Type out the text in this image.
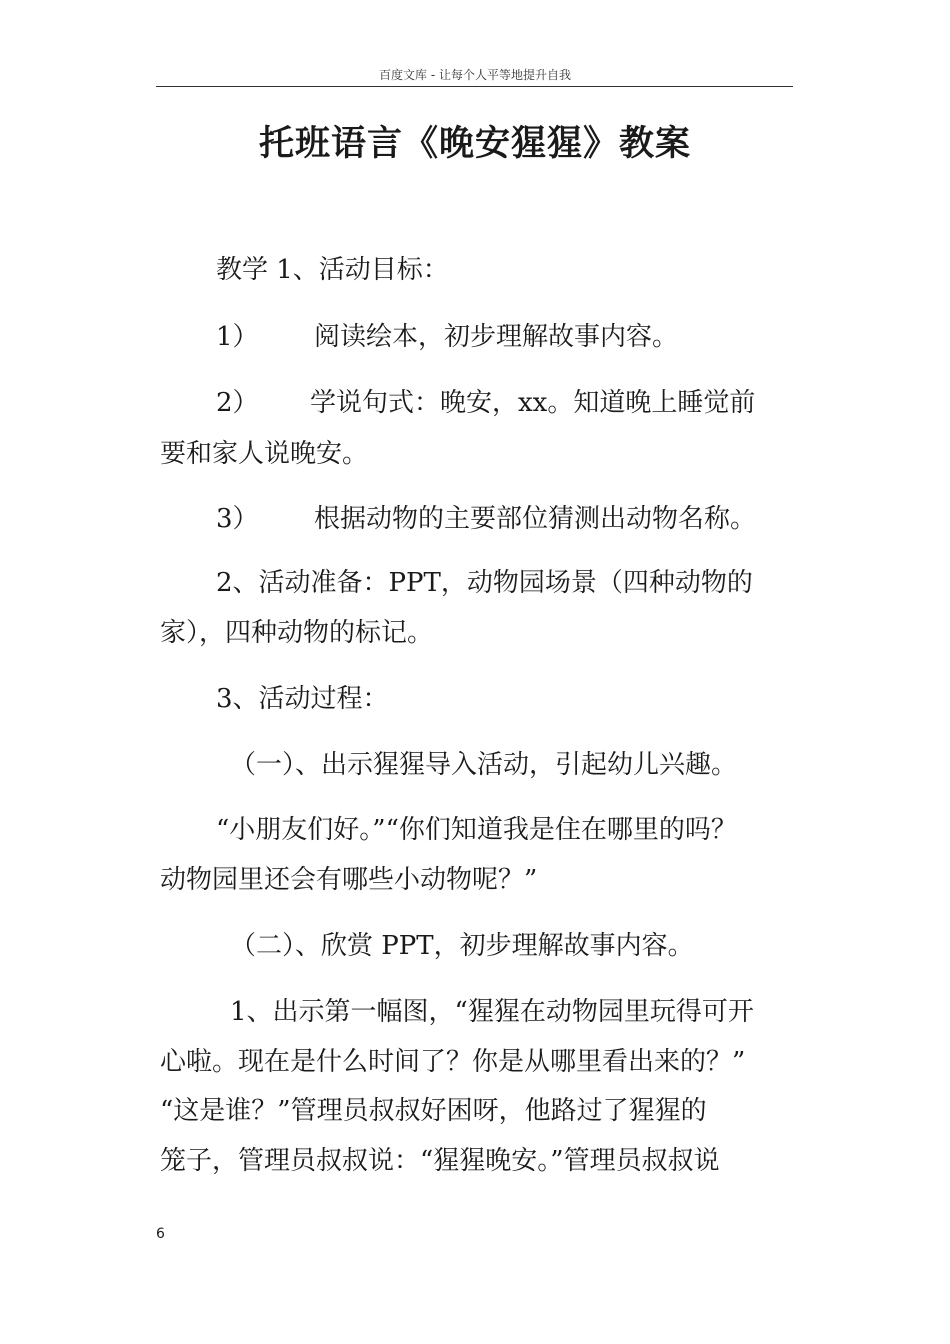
百度文库 - 让每个人平等地提升自我
托班语言《晚安猩猩》教案
教学 1、活动目标：
1） 阅读绘本，初步理解故事内容。
2） 学说句式：晚安，xx。知道晚上睡觉前
要和家人说晚安。
3） 根据动物的主要部位猜测出动物名称。
2、活动准备：PPT，动物园场景（四种动物的
家），四种动物的标记。
3、活动过程：
（一）、出示猩猩导入活动，引起幼儿兴趣。
“小朋友们好。”“你们知道我是住在哪里的吗？
动物园里还会有哪些小动物呢？”
（二）、欣赏 PPT，初步理解故事内容。
1、出示第一幅图，“猩猩在动物园里玩得可开
心啦。现在是什么时间了？你是从哪里看出来的？”
“这是谁？”管理员叔叔好困呀，他路过了猩猩的
笼子，管理员叔叔说：“猩猩晚安。”管理员叔叔说
6
